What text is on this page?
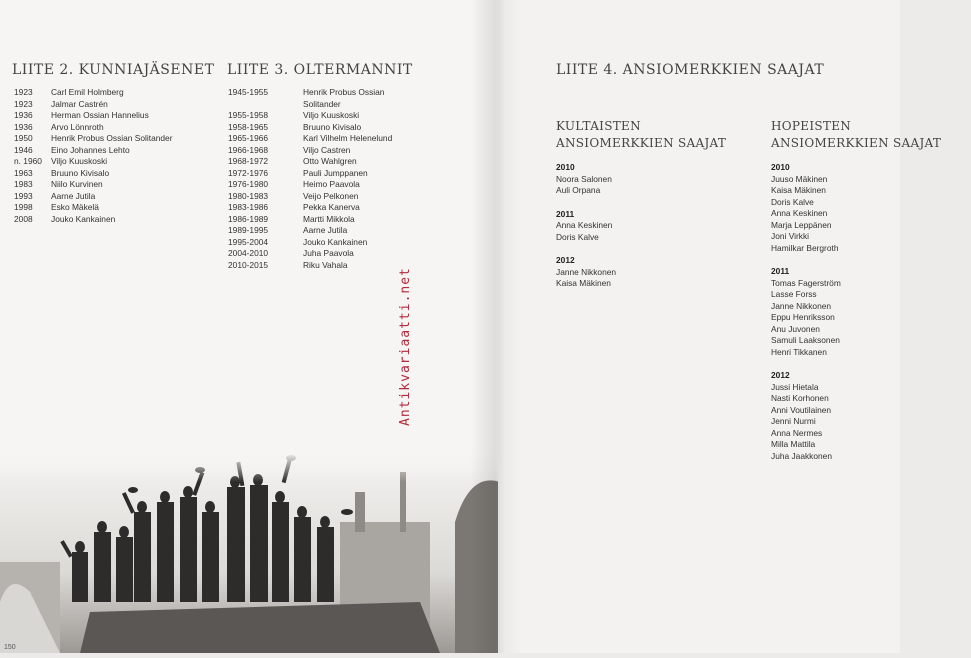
LIITE 2. KUNNIAJÄSENET
1923	Carl Emil Holmberg
1923	Jalmar Castrén
1936	Herman Ossian Hannelius
1936	Arvo Lönnroth
1950	Henrik Probus Ossian Solitander
1946	Eino Johannes Lehto
n. 1960	Viljo Kuuskoski
1963	Bruuno Kivisalo
1983	Niilo Kurvinen
1993	Aarne Jutila
1998	Esko Mäkelä
2008	Jouko Kankainen
LIITE 3. OLTERMANNIT
1945-1955	Henrik Probus Ossian Solitander
1955-1958	Viljo Kuuskoski
1958-1965	Bruuno Kivisalo
1965-1966	Karl Vilhelm Helenelund
1966-1968	Viljo Castren
1968-1972	Otto Wahlgren
1972-1976	Pauli Jumppanen
1976-1980	Heimo Paavola
1980-1983	Veijo Pelkonen
1983-1986	Pekka Kanerva
1986-1989	Martti Mikkola
1989-1995	Aarne Jutila
1995-2004	Jouko Kankainen
2004-2010	Juha Paavola
2010-2015	Riku Vahala
150
LIITE 4. ANSIOMERKKIEN SAAJAT
KULTAISTEN ANSIOMERKKIEN SAAJAT
2010
Noora Salonen
Auli Orpana
2011
Anna Keskinen
Doris Kalve
2012
Janne Nikkonen
Kaisa Mäkinen
HOPEISTEN ANSIOMERKKIEN SAAJAT
2010
Juuso Mäkinen
Kaisa Mäkinen
Doris Kalve
Anna Keskinen
Marja Leppänen
Joni Virkki
Hamilkar Bergroth
2011
Tomas Fagerström
Lasse Forss
Janne Nikkonen
Eppu Henriksson
Anu Juvonen
Samuli Laaksonen
Henri Tikkanen
2012
Jussi Hietala
Nasti Korhonen
Anni Voutilainen
Jenni Nurmi
Anna Nermes
Milla Mattila
Juha Jaakkonen
Antikvariaatti.net
